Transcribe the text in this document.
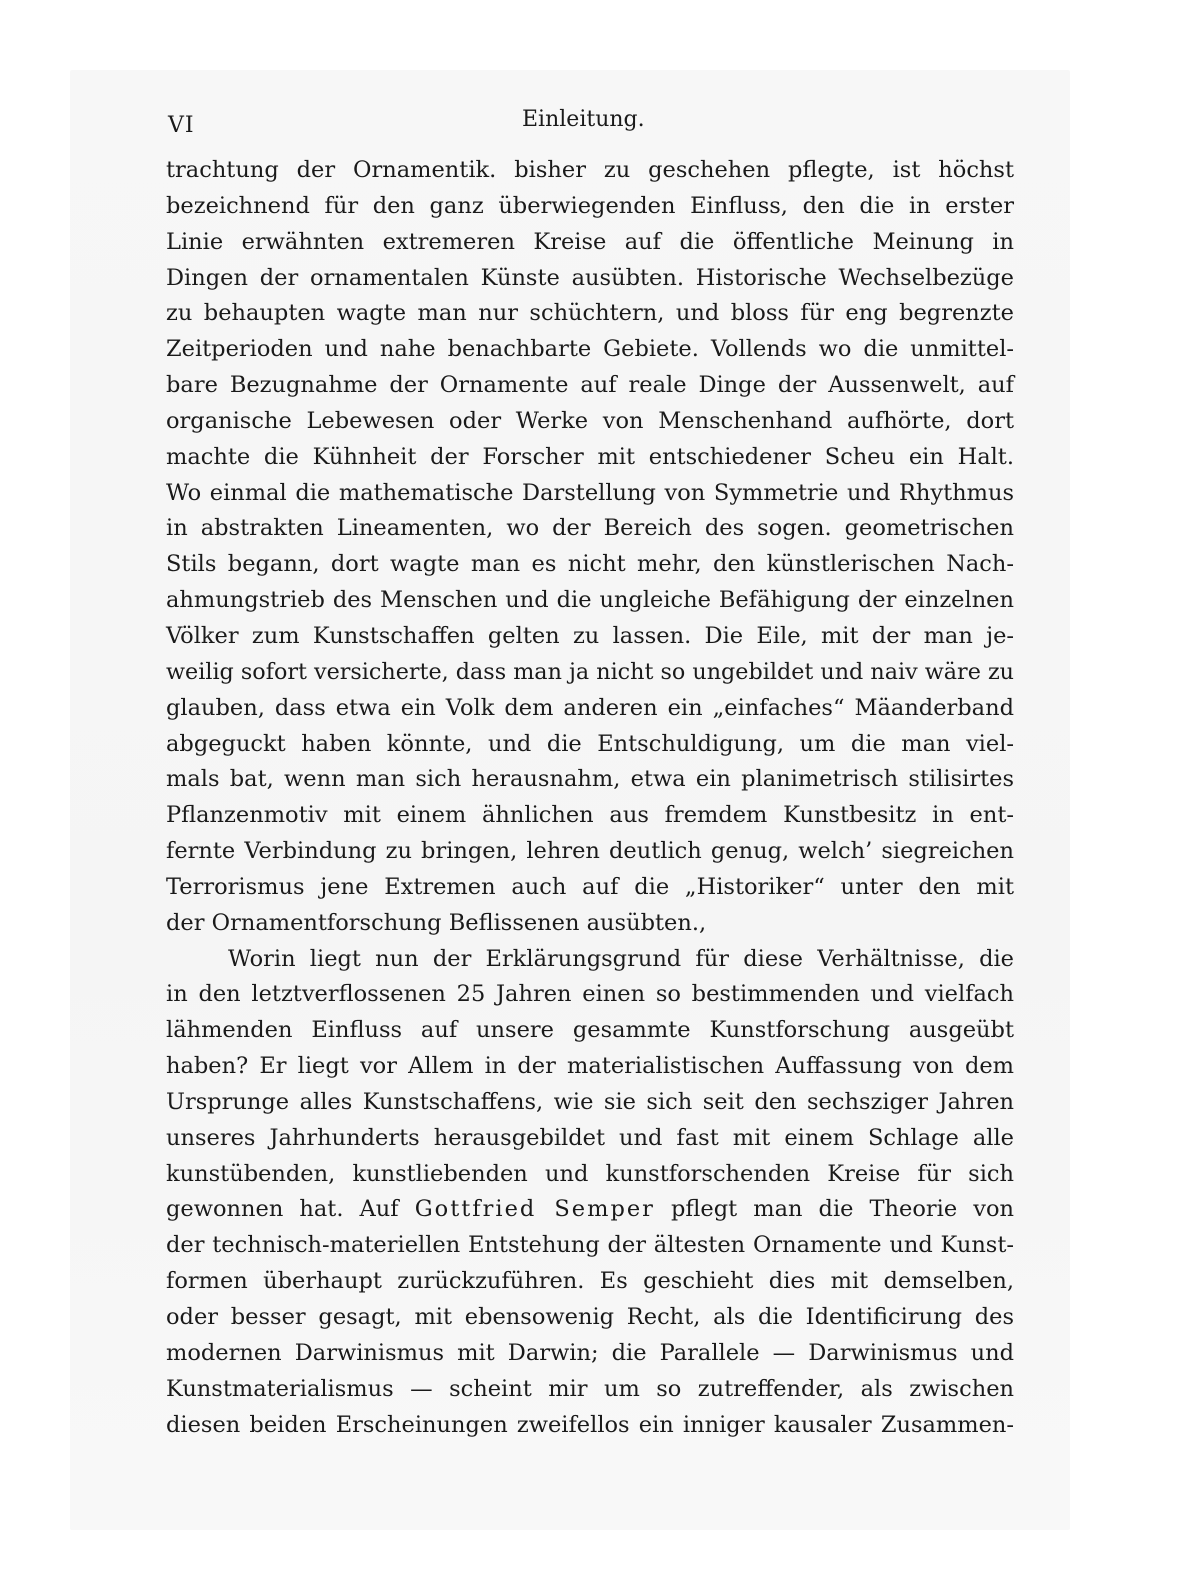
VI	Einleitung.
trachtung der Ornamentik. bisher zu geschehen pflegte, ist höchst
bezeichnend für den ganz überwiegenden Einfluss, den die in erster
Linie erwähnten extremeren Kreise auf die öffentliche Meinung in
Dingen der ornamentalen Künste ausübten. Historische Wechselbezüge
zu behaupten wagte man nur schüchtern, und bloss für eng begrenzte
Zeitperioden und nahe benachbarte Gebiete. Vollends wo die unmittel-
bare Bezugnahme der Ornamente auf reale Dinge der Aussenwelt, auf
organische Lebewesen oder Werke von Menschenhand aufhörte, dort
machte die Kühnheit der Forscher mit entschiedener Scheu ein Halt.
Wo einmal die mathematische Darstellung von Symmetrie und Rhythmus
in abstrakten Lineamenten, wo der Bereich des sogen. geometrischen
Stils begann, dort wagte man es nicht mehr, den künstlerischen Nach-
ahmungstrieb des Menschen und die ungleiche Befähigung der einzelnen
Völker zum Kunstschaffen gelten zu lassen. Die Eile, mit der man je-
weilig sofort versicherte, dass man ja nicht so ungebildet und naiv wäre zu
glauben, dass etwa ein Volk dem anderen ein „einfaches“ Mäanderband
abgeguckt haben könnte, und die Entschuldigung, um die man viel-
mals bat, wenn man sich herausnahm, etwa ein planimetrisch stilisirtes
Pflanzenmotiv mit einem ähnlichen aus fremdem Kunstbesitz in ent-
fernte Verbindung zu bringen, lehren deutlich genug, welch’ siegreichen
Terrorismus jene Extremen auch auf die „Historiker“ unter den mit
der Ornamentforschung Beflissenen ausübten.,
Worin liegt nun der Erklärungsgrund für diese Verhältnisse, die
in den letztverflossenen 25 Jahren einen so bestimmenden und vielfach
lähmenden Einfluss auf unsere gesammte Kunstforschung ausgeübt
haben? Er liegt vor Allem in der materialistischen Auffassung von dem
Ursprunge alles Kunstschaffens, wie sie sich seit den sechsziger Jahren
unseres Jahrhunderts herausgebildet und fast mit einem Schlage alle
kunstübenden, kunstliebenden und kunstforschenden Kreise für sich
gewonnen hat. Auf Gottfried Semper pflegt man die Theorie von
der technisch-materiellen Entstehung der ältesten Ornamente und Kunst-
formen überhaupt zurückzuführen. Es geschieht dies mit demselben,
oder besser gesagt, mit ebensowenig Recht, als die Identificirung des
modernen Darwinismus mit Darwin; die Parallele — Darwinismus und
Kunstmaterialismus — scheint mir um so zutreffender, als zwischen
diesen beiden Erscheinungen zweifellos ein inniger kausaler Zusammen-
